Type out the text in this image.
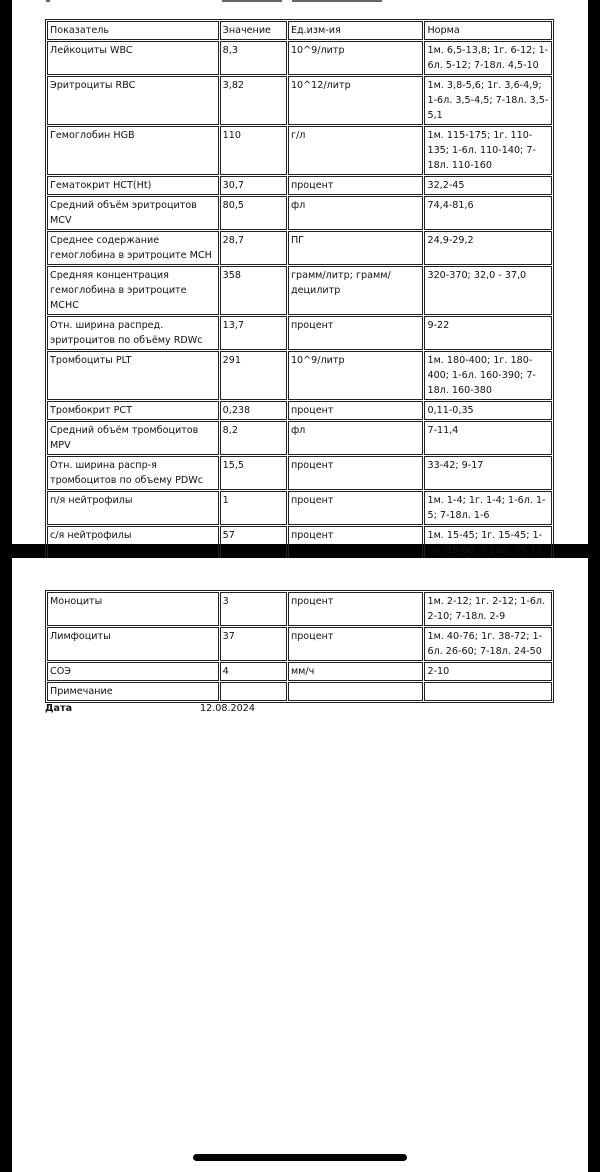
Показатель	Значение	Ед.изм-ия	Норма
Лейкоциты WBC	8,3	10^9/литр	1м. 6,5-13,8; 1г. 6-12; 1-6л. 5-12; 7-18л. 4,5-10
Эритроциты RBC	3,82	10^12/литр	1м. 3,8-5,6; 1г. 3,6-4,9; 1-6л. 3,5-4,5; 7-18л. 3,5-5,1
Гемоглобин HGB	110	г/л	1м. 115-175; 1г. 110-135; 1-6л. 110-140; 7-18л. 110-160
Гематокрит HCT(Ht)	30,7	процент	32,2-45
Средний объём эритроцитов MCV	80,5	фл	74,4-81,6
Среднее содержание гемоглобина в эритроците MCH	28,7	ПГ	24,9-29,2
Средняя концентрация гемоглобина в эритроците MCHC	358	грамм/литр; грамм/децилитр	320-370; 32,0 - 37,0
Отн. ширина распред. эритроцитов по объёму RDWc	13,7	процент	9-22
Тромбоциты PLT	291	10^9/литр	1м. 180-400; 1г. 180-400; 1-6л. 160-390; 7-18л. 160-380
Тромбокрит PCT	0,238	процент	0,11-0,35
Средний объём тромбоцитов MPV	8,2	фл	7-11,4
Отн. ширина распр-я тромбоцитов по объему PDWc	15,5	процент	33-42; 9-17
п/я нейтрофилы	1	процент	1м. 1-4; 1г. 1-4; 1-6л. 1-5; 7-18л. 1-6
с/я нейтрофилы	57	процент	1м. 15-45; 1г. 15-45; 1-6л. 25-60; 7-18л. 35-72

Моноциты	3	процент	1м. 2-12; 1г. 2-12; 1-6л. 2-10; 7-18л. 2-9
Лимфоциты	37	процент	1м. 40-76; 1г. 38-72; 1-6л. 26-60; 7-18л. 24-50
СОЭ	4	мм/ч	2-10
Примечание			
Дата	12.08.2024
